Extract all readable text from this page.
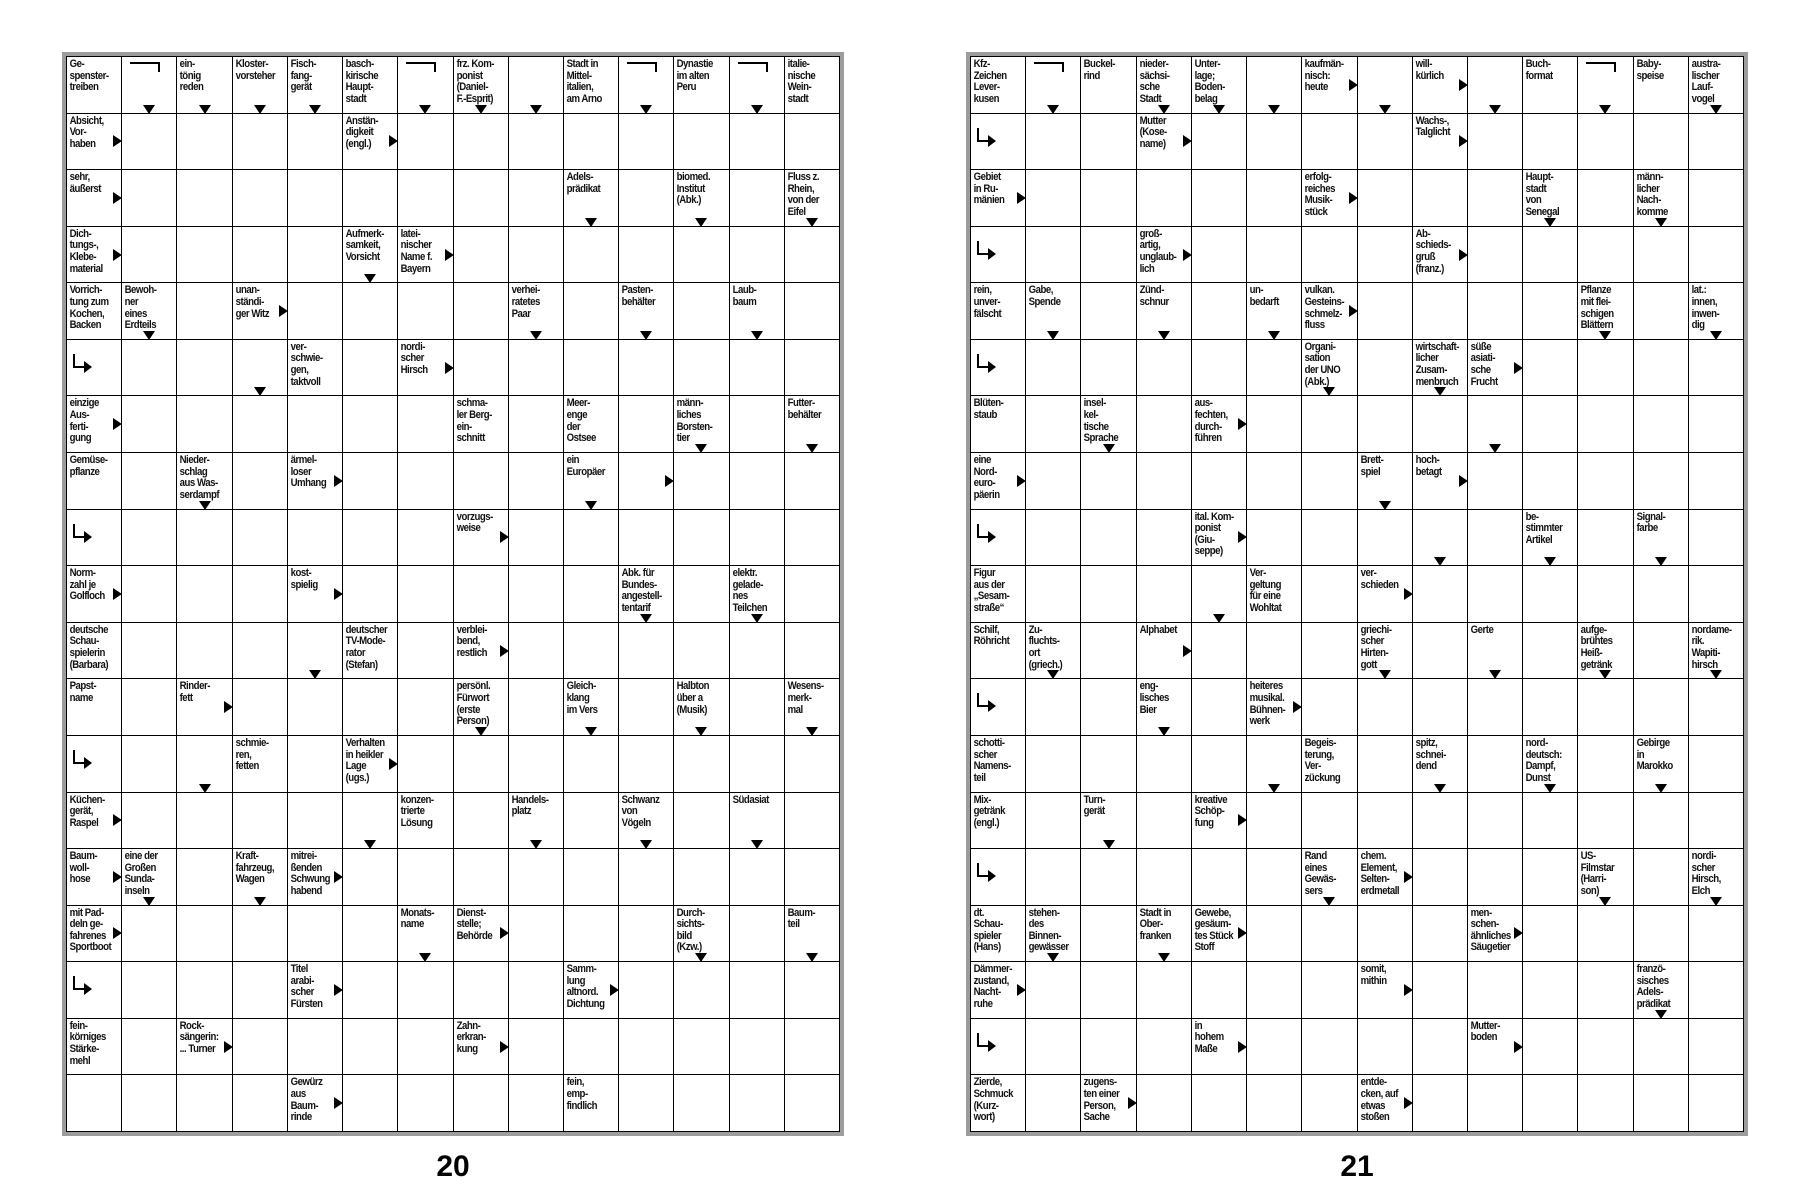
Ge-
spenster-
treiben
ein-
tönig
reden
Kloster-
vorsteher
Fisch-
fang-
gerät
basch-
kirische
Haupt-
stadt
frz. Kom-
ponist
(Daniel-
F.-Esprit)
Stadt in
Mittel-
italien,
am Arno
Dynastie
im alten
Peru
italie-
nische
Wein-
stadt
Absicht,
Vor-
haben
Anstän-
digkeit
(engl.)
sehr,
äußerst
Adels-
prädikat
biomed.
Institut
(Abk.)
Fluss z.
Rhein,
von der
Eifel
Dich-
tungs-,
Klebe-
material
Aufmerk-
samkeit,
Vorsicht
latei-
nischer
Name f.
Bayern
Vorrich-
tung zum
Kochen,
Backen
Bewoh-
ner
eines
Erdteils
unan-
ständi-
ger Witz
verhei-
ratetes
Paar
Pasten-
behälter
Laub-
baum
ver-
schwie-
gen,
taktvoll
nordi-
scher
Hirsch
einzige
Aus-
ferti-
gung
schma-
ler Berg-
ein-
schnitt
Meer-
enge
der
Ostsee
männ-
liches
Borsten-
tier
Futter-
behälter
Gemüse-
pflanze
Nieder-
schlag
aus Was-
serdampf
ärmel-
loser
Umhang
ein
Europäer
vorzugs-
weise
Norm-
zahl je
Golfloch
kost-
spielig
Abk. für
Bundes-
angestell-
tentarif
elektr.
gelade-
nes
Teilchen
deutsche
Schau-
spielerin
(Barbara)
deutscher
TV-Mode-
rator
(Stefan)
verblei-
bend,
restlich
Papst-
name
Rinder-
fett
persönl.
Fürwort
(erste
Person)
Gleich-
klang
im Vers
Halbton
über a
(Musik)
Wesens-
merk-
mal
schmie-
ren,
fetten
Verhalten
in heikler
Lage
(ugs.)
Küchen-
gerät,
Raspel
konzen-
trierte
Lösung
Handels-
platz
Schwanz
von
Vögeln
Südasiat
Baum-
woll-
hose
eine der
Großen
Sunda-
inseln
Kraft-
fahrzeug,
Wagen
mitrei-
ßenden
Schwung
habend
mit Pad-
deln ge-
fahrenes
Sportboot
Monats-
name
Dienst-
stelle;
Behörde
Durch-
sichts-
bild
(Kzw.)
Baum-
teil
Titel
arabi-
scher
Fürsten
Samm-
lung
altnord.
Dichtung
fein-
körniges
Stärke-
mehl
Rock-
sängerin:
... Turner
Zahn-
erkran-
kung
Gewürz
aus
Baum-
rinde
fein,
emp-
findlich
20
Kfz-
Zeichen
Lever-
kusen
Buckel-
rind
nieder-
sächsi-
sche
Stadt
Unter-
lage;
Boden-
belag
kaufmän-
nisch:
heute
will-
kürlich
Buch-
format
Baby-
speise
austra-
lischer
Lauf-
vogel
Mutter
(Kose-
name)
Wachs-,
Talglicht
Gebiet
in Ru-
mänien
erfolg-
reiches
Musik-
stück
Haupt-
stadt
von
Senegal
männ-
licher
Nach-
komme
groß-
artig,
unglaub-
lich
Ab-
schieds-
gruß
(franz.)
rein,
unver-
fälscht
Gabe,
Spende
Zünd-
schnur
un-
bedarft
vulkan.
Gesteins-
schmelz-
fluss
Pflanze
mit flei-
schigen
Blättern
lat.:
innen,
inwen-
dig
Organi-
sation
der UNO
(Abk.)
wirtschaft-
licher
Zusam-
menbruch
süße
asiati-
sche
Frucht
Blüten-
staub
insel-
kel-
tische
Sprache
aus-
fechten,
durch-
führen
eine
Nord-
euro-
päerin
Brett-
spiel
hoch-
betagt
ital. Kom-
ponist
(Giu-
seppe)
be-
stimmter
Artikel
Signal-
farbe
Figur
aus der
„Sesam-
straße“
Ver-
geltung
für eine
Wohltat
ver-
schieden
Schilf,
Röhricht
Zu-
fluchts-
ort
(griech.)
Alphabet	griechi-
scher
Hirten-
gott
Gerte	aufge-
brühtes
Heiß-
getränk
nordame-
rik.
Wapiti-
hirsch
eng-
lisches
Bier
heiteres
musikal.
Bühnen-
werk
schotti-
scher
Namens-
teil
Begeis-
terung,
Ver-
zückung
spitz,
schnei-
dend
nord-
deutsch:
Dampf,
Dunst
Gebirge
in
Marokko
Mix-
getränk
(engl.)
Turn-
gerät
kreative
Schöp-
fung
Rand
eines
Gewäs-
sers
chem.
Element,
Selten-
erdmetall
US-
Filmstar
(Harri-
son)
nordi-
scher
Hirsch,
Elch
dt.
Schau-
spieler
(Hans)
stehen-
des
Binnen-
gewässer
Stadt in
Ober-
franken
Gewebe,
gesäum-
tes Stück
Stoff
men-
schen-
ähnliches
Säugetier
Dämmer-
zustand,
Nacht-
ruhe
somit,
mithin
franzö-
sisches
Adels-
prädikat
in
hohem
Maße
Mutter-
boden
Zierde,
Schmuck
(Kurz-
wort)
zugens-
ten einer
Person,
Sache
entde-
cken, auf
etwas
stoßen
21
